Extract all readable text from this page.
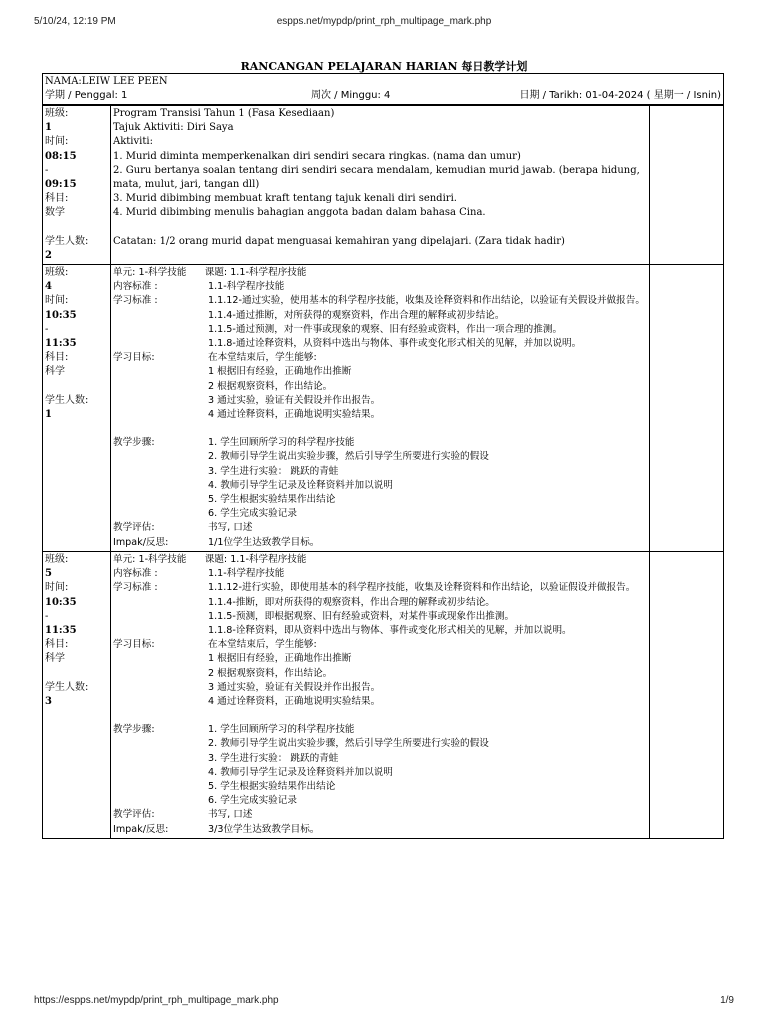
5/10/24, 12:19 PM	espps.net/mypdp/print_rph_multipage_mark.php
RANCANGAN PELAJARAN HARIAN 每日教学计划
NAMA:LEIW LEE PEEN
学期 / Penggal: 1	周次 / Minggu: 4	日期 / Tarikh: 01-04-2024 ( 星期一 / Isnin)
班级:
1
时间:
08:15
-
09:15
科目:
数学
学生人数:
2
Program Transisi Tahun 1 (Fasa Kesediaan)
Tajuk Aktiviti: Diri Saya
Aktiviti:
1. Murid diminta memperkenalkan diri sendiri secara ringkas. (nama dan umur)
2. Guru bertanya soalan tentang diri sendiri secara mendalam, kemudian murid jawab. (berapa hidung, mata, mulut, jari, tangan dll)
3. Murid dibimbing membuat kraft tentang tajuk kenali diri sendiri.
4. Murid dibimbing menulis bahagian anggota badan dalam bahasa Cina.
Catatan: 1/2 orang murid dapat menguasai kemahiran yang dipelajari. (Zara tidak hadir)
班级:
4
时间:
10:35
-
11:35
科目:
科学
学生人数:
1
单元: 1-科学技能 课题: 1.1-科学程序技能
内容标准 :	1.1-科学程序技能
学习标准 :	1.1.12-通过实验，使用基本的科学程序技能，收集及诠释资料和作出结论，以验证有关假设并做报告。
1.1.4-通过推断，对所获得的观察资料，作出合理的解释或初步结论。
1.1.5-通过预测，对一件事或现象的观察、旧有经验或资料，作出一项合理的推测。
1.1.8-通过诠释资料，从资料中选出与物体、事件或变化形式相关的见解，并加以说明。
学习目标:	在本堂结束后，学生能够:
1 根据旧有经验，正确地作出推断
2 根据观察资料，作出结论。
3 通过实验，验证有关假设并作出报告。
4 通过诠释资料，正确地说明实验结果。
教学步骤:	1. 学生回顾所学习的科学程序技能
2. 教师引导学生说出实验步骤，然后引导学生所要进行实验的假设
3. 学生进行实验： 跳跃的青蛙
4. 教师引导学生记录及诠释资料并加以说明
5. 学生根据实验结果作出结论
6. 学生完成实验记录
教学评估:	书写, 口述
Impak/反思:	1/1位学生达致教学目标。
班级:
5
时间:
10:35
-
11:35
科目:
科学
学生人数:
3
单元: 1-科学技能 课题: 1.1-科学程序技能
内容标准 :	1.1-科学程序技能
学习标准 :	1.1.12-进行实验，即使用基本的科学程序技能，收集及诠释资料和作出结论，以验证假设并做报告。
1.1.4-推断，即对所获得的观察资料，作出合理的解释或初步结论。
1.1.5-预测，即根据观察、旧有经验或资料，对某件事或现象作出推测。
1.1.8-诠释资料，即从资料中选出与物体、事件或变化形式相关的见解，并加以说明。
学习目标:	在本堂结束后，学生能够:
1 根据旧有经验，正确地作出推断
2 根据观察资料，作出结论。
3 通过实验，验证有关假设并作出报告。
4 通过诠释资料，正确地说明实验结果。
教学步骤:	1. 学生回顾所学习的科学程序技能
2. 教师引导学生说出实验步骤，然后引导学生所要进行实验的假设
3. 学生进行实验： 跳跃的青蛙
4. 教师引导学生记录及诠释资料并加以说明
5. 学生根据实验结果作出结论
6. 学生完成实验记录
教学评估:	书写, 口述
Impak/反思:	3/3位学生达致教学目标。
https://espps.net/mypdp/print_rph_multipage_mark.php	1/9
